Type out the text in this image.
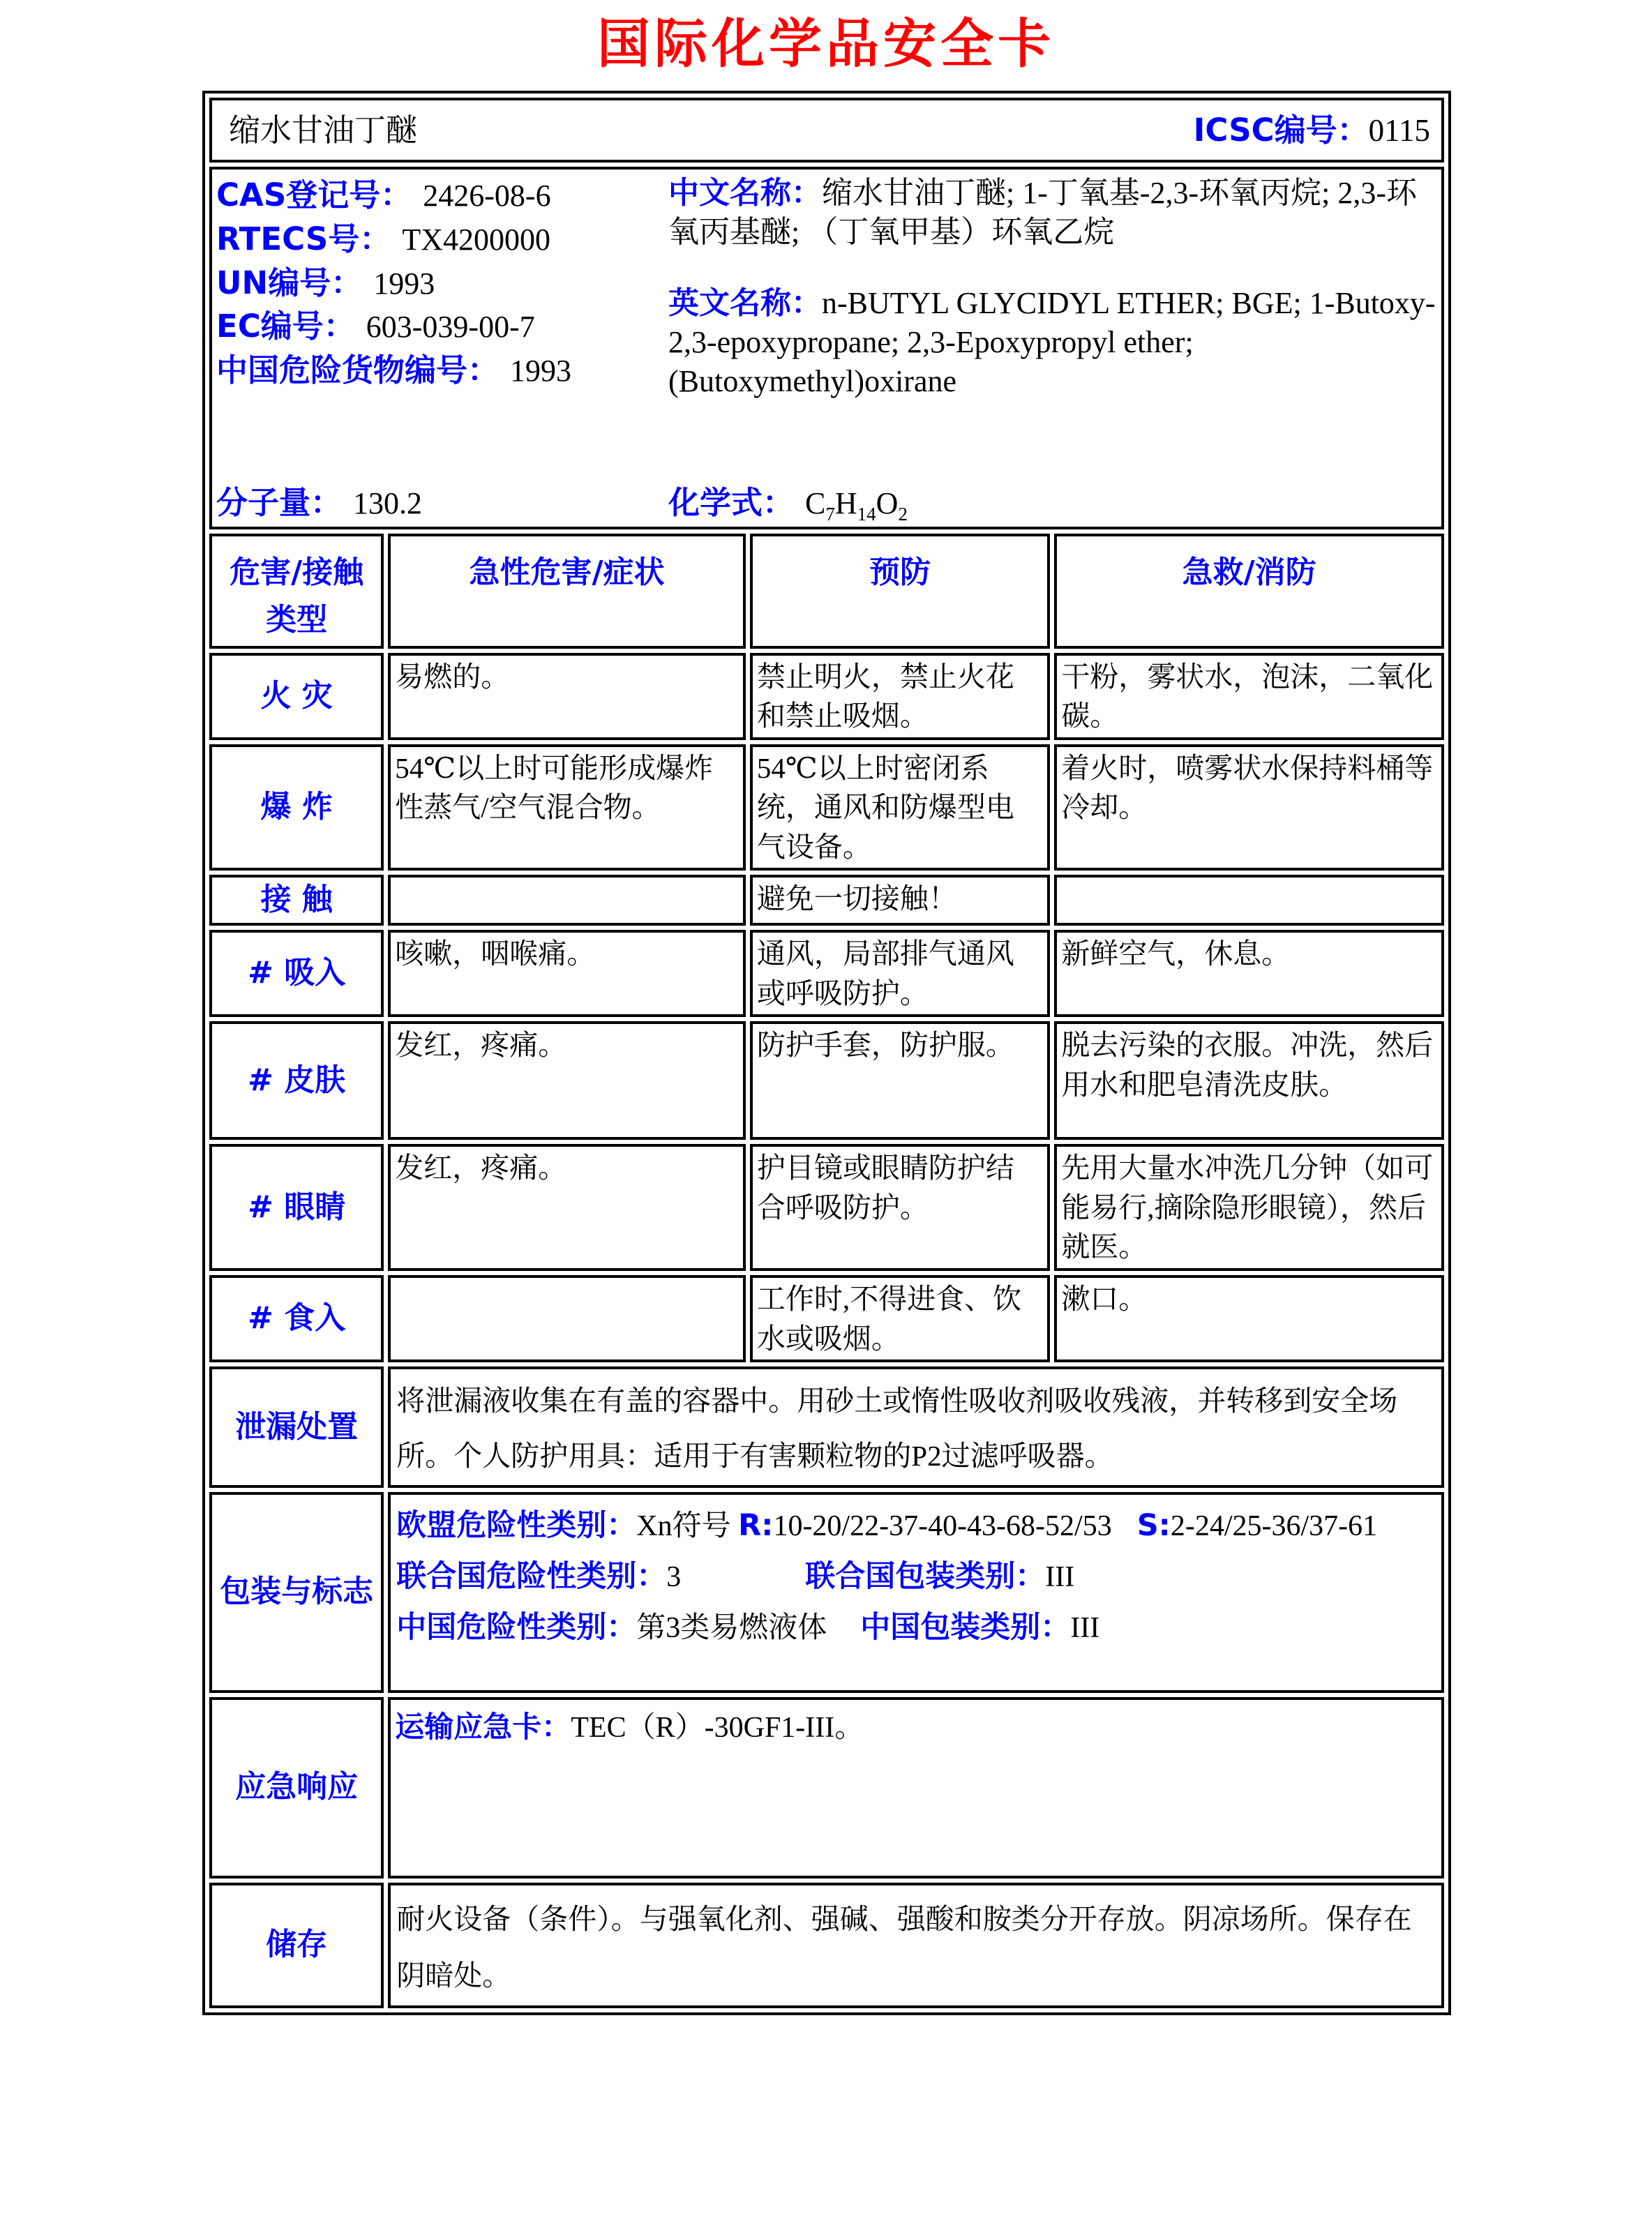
国际化学品安全卡
缩水甘油丁醚 ICSC编号：0115			

CAS登记号： 2426-08-6
RTECS号： TX4200000
UN编号： 1993
EC编号： 603-039-00-7
中国危险货物编号： 1993
中文名称：缩水甘油丁醚; 1-丁氧基-2,3-环氧丙烷; 2,3-环氧丙基醚; （丁氧甲基）环氧乙烷
英文名称：n-BUTYL GLYCIDYL ETHER; BGE; 1-Butoxy-2,3-epoxypropane; 2,3-Epoxypropyl ether; (Butoxymethyl)oxirane
分子量： 130.2	化学式： $C_7H_{14}O_2$

危害/接触类型	急性危害/症状	预防	急救/消防
火 灾	易燃的。	禁止明火，禁止火花和禁止吸烟。	干粉，雾状水，泡沫，二氧化碳。
爆 炸	54℃以上时可能形成爆炸性蒸气/空气混合物。	54℃以上时密闭系统，通风和防爆型电气设备。	着火时，喷雾状水保持料桶等冷却。
接 触		避免一切接触！	
# 吸入	咳嗽，咽喉痛。	通风，局部排气通风或呼吸防护。	新鲜空气，休息。
# 皮肤	发红，疼痛。	防护手套，防护服。	脱去污染的衣服。冲洗，然后用水和肥皂清洗皮肤。
# 眼睛	发红，疼痛。	护目镜或眼睛防护结合呼吸防护。	先用大量水冲洗几分钟（如可能易行,摘除隐形眼镜），然后就医。
# 食入		工作时,不得进食、饮水或吸烟。	漱口。
泄漏处置	将泄漏液收集在有盖的容器中。用砂土或惰性吸收剂吸收残液，并转移到安全场所。个人防护用具：适用于有害颗粒物的P2过滤呼吸器。		
包装与标志	欧盟危险性类别：Xn符号 R:10-20/22-37-40-43-68-52/53 S:2-24/25-36/37-61
联合国危险性类别：3 联合国包装类别：III
中国危险性类别：第3类易燃液体 中国包装类别：III		

应急响应	运输应急卡：TEC（R）-30GF1-III。		
储存	耐火设备（条件）。与强氧化剂、强碱、强酸和胺类分开存放。阴凉场所。保存在阴暗处。		
